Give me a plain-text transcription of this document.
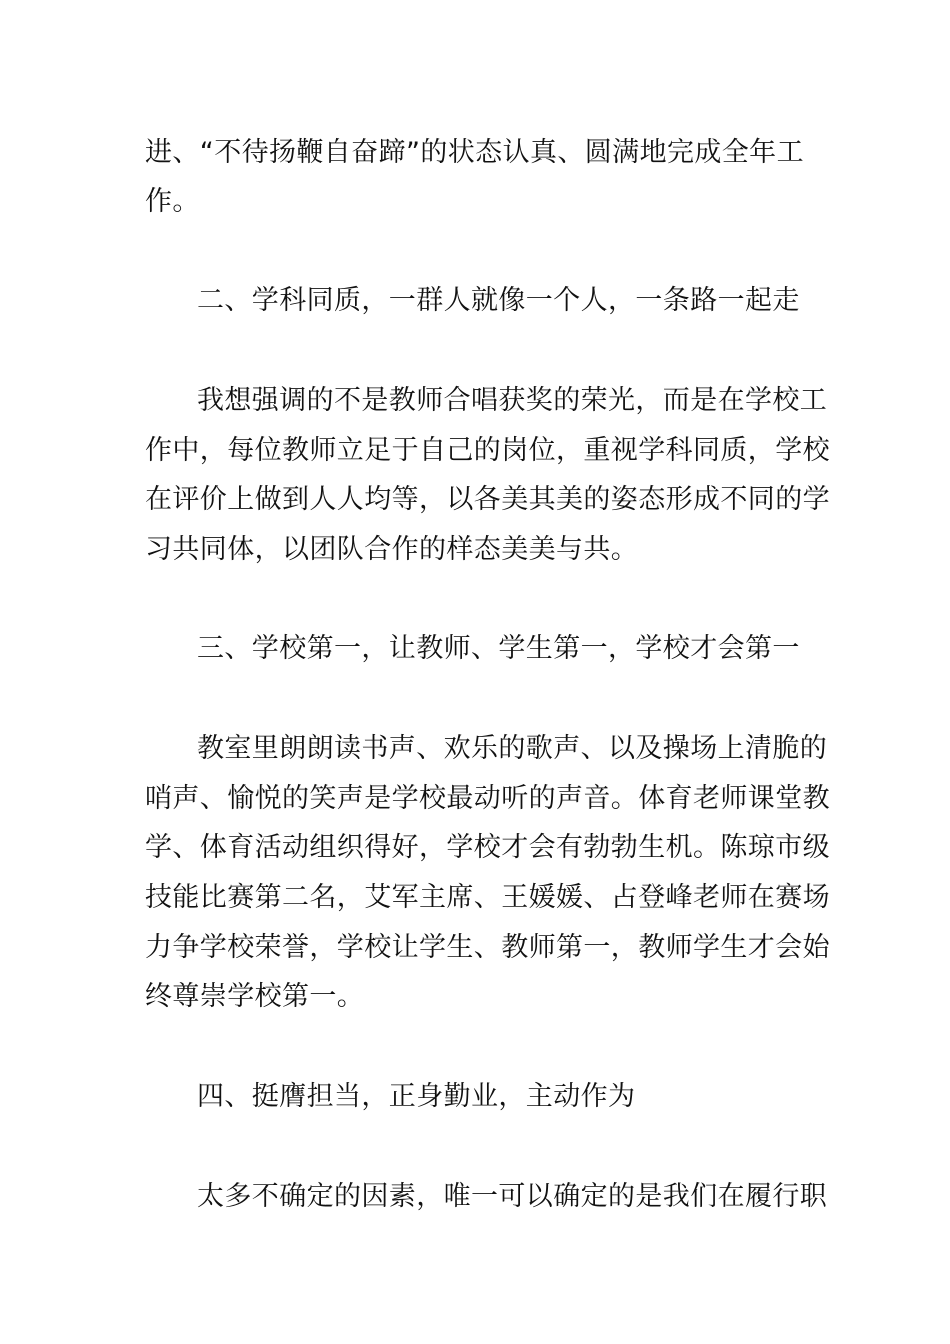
进、“不待扬鞭自奋蹄”的状态认真、圆满地完成全年工
作。
二、学科同质，一群人就像一个人，一条路一起走
我想强调的不是教师合唱获奖的荣光，而是在学校工
作中，每位教师立足于自己的岗位，重视学科同质，学校
在评价上做到人人均等，以各美其美的姿态形成不同的学
习共同体，以团队合作的样态美美与共。
三、学校第一，让教师、学生第一，学校才会第一
教室里朗朗读书声、欢乐的歌声、以及操场上清脆的
哨声、愉悦的笑声是学校最动听的声音。体育老师课堂教
学、体育活动组织得好，学校才会有勃勃生机。陈琼市级
技能比赛第二名，艾军主席、王媛媛、占登峰老师在赛场
力争学校荣誉，学校让学生、教师第一，教师学生才会始
终尊崇学校第一。
四、挺膺担当，正身勤业，主动作为
太多不确定的因素，唯一可以确定的是我们在履行职
